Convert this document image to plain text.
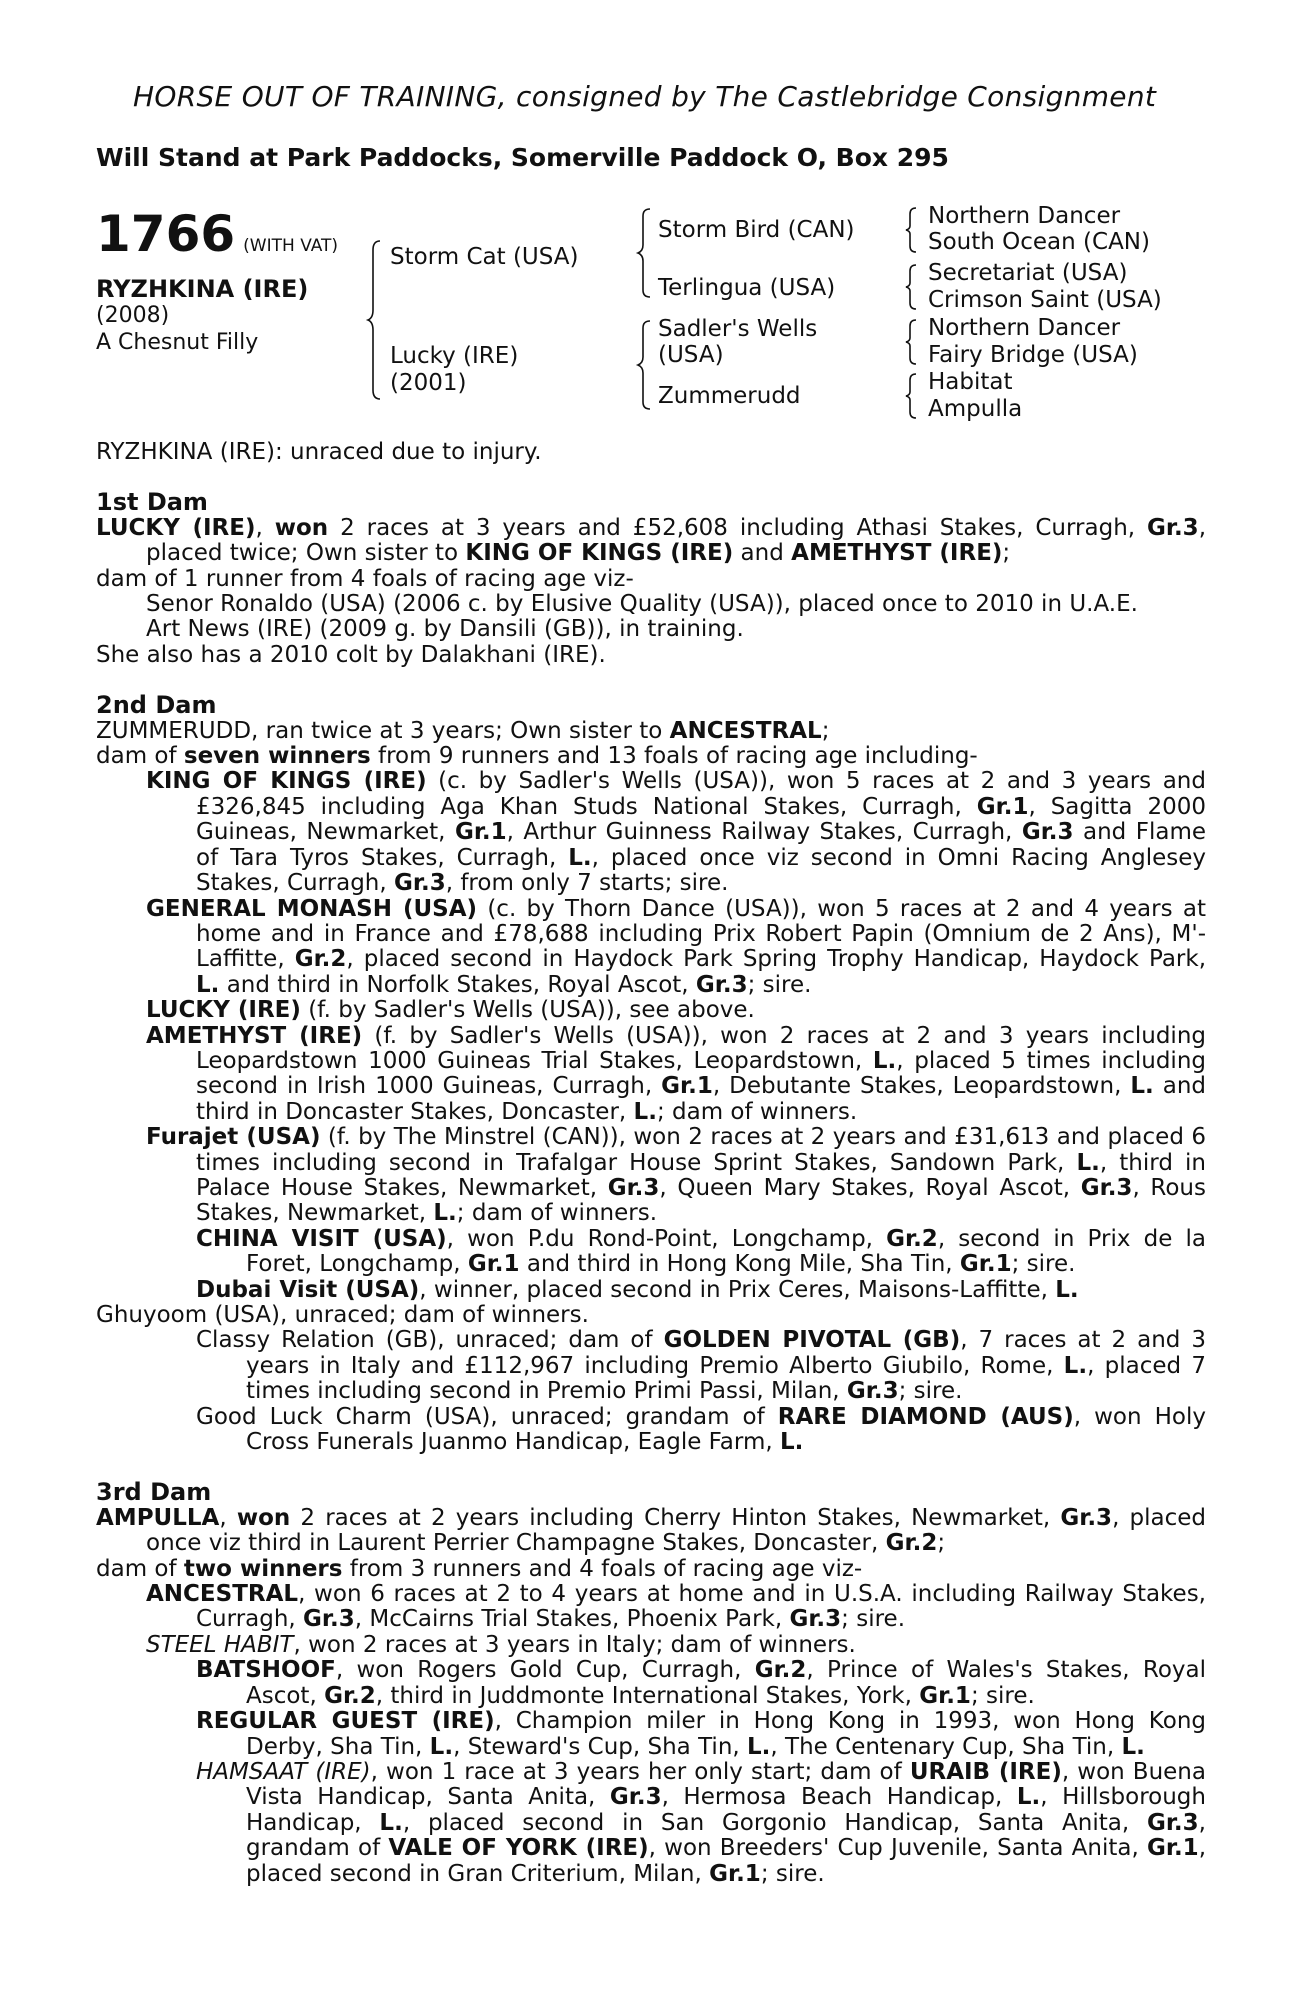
HORSE OUT OF TRAINING, consigned by The Castlebridge Consignment
Will Stand at Park Paddocks, Somerville Paddock O, Box 295
1766 (WITH VAT)
RYZHKINA (IRE)
(2008)
A Chesnut Filly
Storm Cat (USA)
Lucky (IRE)
(2001)
Storm Bird (CAN)
Terlingua (USA)
Sadler's Wells
(USA)
Zummerudd
Northern Dancer
South Ocean (CAN)
Secretariat (USA)
Crimson Saint (USA)
Northern Dancer
Fairy Bridge (USA)
Habitat
Ampulla

RYZHKINA (IRE): unraced due to injury.

1st Dam

LUCKY (IRE), won 2 races at 3 years and £52,608 including Athasi Stakes, Curragh, Gr.3, placed twice; Own sister to KING OF KINGS (IRE) and AMETHYST (IRE);

dam of 1 runner from 4 foals of racing age viz-

Senor Ronaldo (USA) (2006 c. by Elusive Quality (USA)), placed once to 2010 in U.A.E.

Art News (IRE) (2009 g. by Dansili (GB)), in training.

She also has a 2010 colt by Dalakhani (IRE).

2nd Dam

ZUMMERUDD, ran twice at 3 years; Own sister to ANCESTRAL;

dam of seven winners from 9 runners and 13 foals of racing age including-

KING OF KINGS (IRE) (c. by Sadler's Wells (USA)), won 5 races at 2 and 3 years and £326,845 including Aga Khan Studs National Stakes, Curragh, Gr.1, Sagitta 2000 Guineas, Newmarket, Gr.1, Arthur Guinness Railway Stakes, Curragh, Gr.3 and Flame of Tara Tyros Stakes, Curragh, L., placed once viz second in Omni Racing Anglesey Stakes, Curragh, Gr.3, from only 7 starts; sire.

GENERAL MONASH (USA) (c. by Thorn Dance (USA)), won 5 races at 2 and 4 years at home and in France and £78,688 including Prix Robert Papin (Omnium de 2 Ans), M'-Laffitte, Gr.2, placed second in Haydock Park Spring Trophy Handicap, Haydock Park, L. and third in Norfolk Stakes, Royal Ascot, Gr.3; sire.

LUCKY (IRE) (f. by Sadler's Wells (USA)), see above.

AMETHYST (IRE) (f. by Sadler's Wells (USA)), won 2 races at 2 and 3 years including Leopardstown 1000 Guineas Trial Stakes, Leopardstown, L., placed 5 times including second in Irish 1000 Guineas, Curragh, Gr.1, Debutante Stakes, Leopardstown, L. and third in Doncaster Stakes, Doncaster, L.; dam of winners.

Furajet (USA) (f. by The Minstrel (CAN)), won 2 races at 2 years and £31,613 and placed 6 times including second in Trafalgar House Sprint Stakes, Sandown Park, L., third in Palace House Stakes, Newmarket, Gr.3, Queen Mary Stakes, Royal Ascot, Gr.3, Rous Stakes, Newmarket, L.; dam of winners.

CHINA VISIT (USA), won P.du Rond-Point, Longchamp, Gr.2, second in Prix de la Foret, Longchamp, Gr.1 and third in Hong Kong Mile, Sha Tin, Gr.1; sire.

Dubai Visit (USA), winner, placed second in Prix Ceres, Maisons-Laffitte, L.

Ghuyoom (USA), unraced; dam of winners.

Classy Relation (GB), unraced; dam of GOLDEN PIVOTAL (GB), 7 races at 2 and 3 years in Italy and £112,967 including Premio Alberto Giubilo, Rome, L., placed 7 times including second in Premio Primi Passi, Milan, Gr.3; sire.

Good Luck Charm (USA), unraced; grandam of RARE DIAMOND (AUS), won Holy Cross Funerals Juanmo Handicap, Eagle Farm, L.

3rd Dam

AMPULLA, won 2 races at 2 years including Cherry Hinton Stakes, Newmarket, Gr.3, placed once viz third in Laurent Perrier Champagne Stakes, Doncaster, Gr.2;

dam of two winners from 3 runners and 4 foals of racing age viz-

ANCESTRAL, won 6 races at 2 to 4 years at home and in U.S.A. including Railway Stakes, Curragh, Gr.3, McCairns Trial Stakes, Phoenix Park, Gr.3; sire.

STEEL HABIT, won 2 races at 3 years in Italy; dam of winners.

BATSHOOF, won Rogers Gold Cup, Curragh, Gr.2, Prince of Wales's Stakes, Royal Ascot, Gr.2, third in Juddmonte International Stakes, York, Gr.1; sire.

REGULAR GUEST (IRE), Champion miler in Hong Kong in 1993, won Hong Kong Derby, Sha Tin, L., Steward's Cup, Sha Tin, L., The Centenary Cup, Sha Tin, L.

HAMSAAT (IRE), won 1 race at 3 years her only start; dam of URAIB (IRE), won Buena Vista Handicap, Santa Anita, Gr.3, Hermosa Beach Handicap, L., Hillsborough Handicap, L., placed second in San Gorgonio Handicap, Santa Anita, Gr.3, grandam of VALE OF YORK (IRE), won Breeders' Cup Juvenile, Santa Anita, Gr.1, placed second in Gran Criterium, Milan, Gr.1; sire.
